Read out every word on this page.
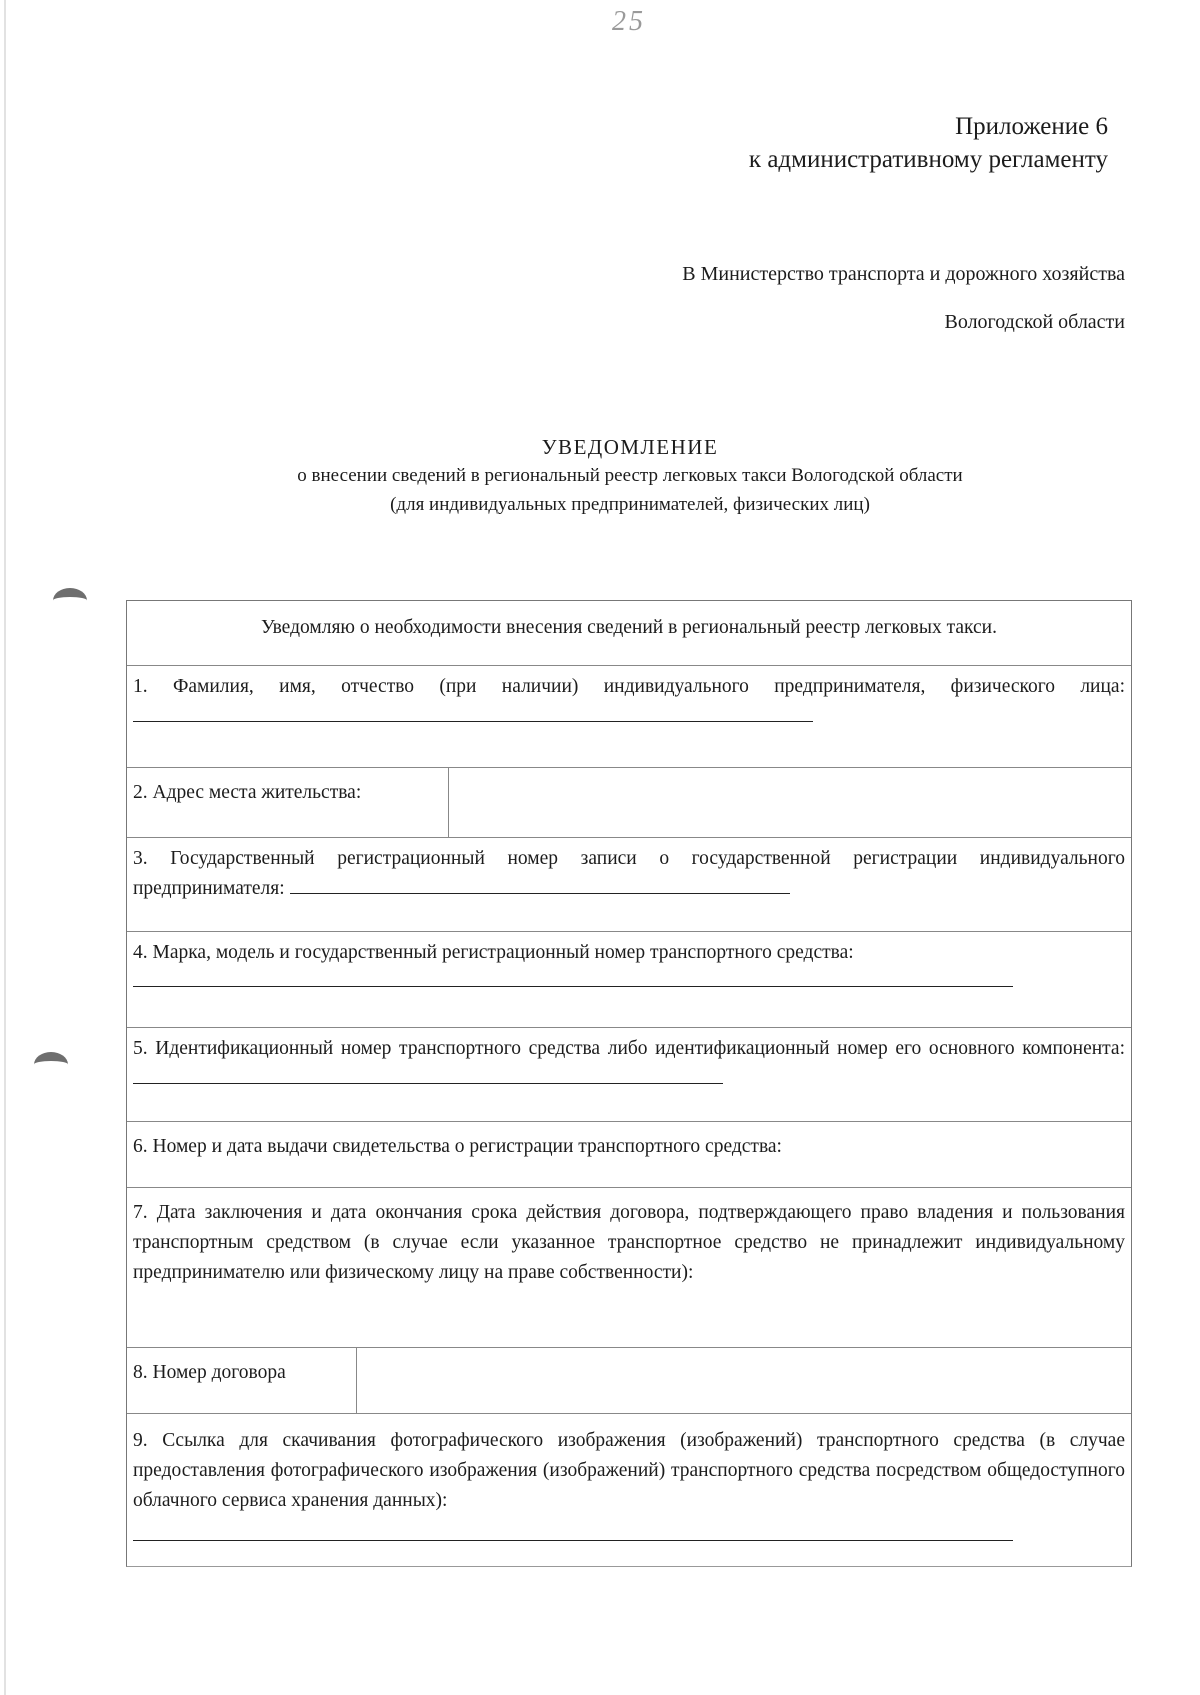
25
Приложение 6
к административному регламенту
В Министерство транспорта и дорожного хозяйства
Вологодской области
УВЕДОМЛЕНИЕ
о внесении сведений в региональный реестр легковых такси Вологодской области
(для индивидуальных предпринимателей, физических лиц)
Уведомляю о необходимости внесения сведений в региональный реестр легковых такси.
1. Фамилия, имя, отчество (при наличии) индивидуального предпринимателя, физического лица:
2. Адрес места жительства:
3. Государственный регистрационный номер записи о государственной регистрации индивидуального предпринимателя:
4. Марка, модель и государственный регистрационный номер транспортного средства:
5. Идентификационный номер транспортного средства либо идентификационный номер его основного компонента:
6. Номер и дата выдачи свидетельства о регистрации транспортного средства:
7. Дата заключения и дата окончания срока действия договора, подтверждающего право владения и пользования транспортным средством (в случае если указанное транспортное средство не принадлежит индивидуальному предпринимателю или физическому лицу на праве собственности):
8. Номер договора
9. Ссылка для скачивания фотографического изображения (изображений) транспортного средства (в случае предоставления фотографического изображения (изображений) транспортного средства посредством общедоступного облачного сервиса хранения данных):
